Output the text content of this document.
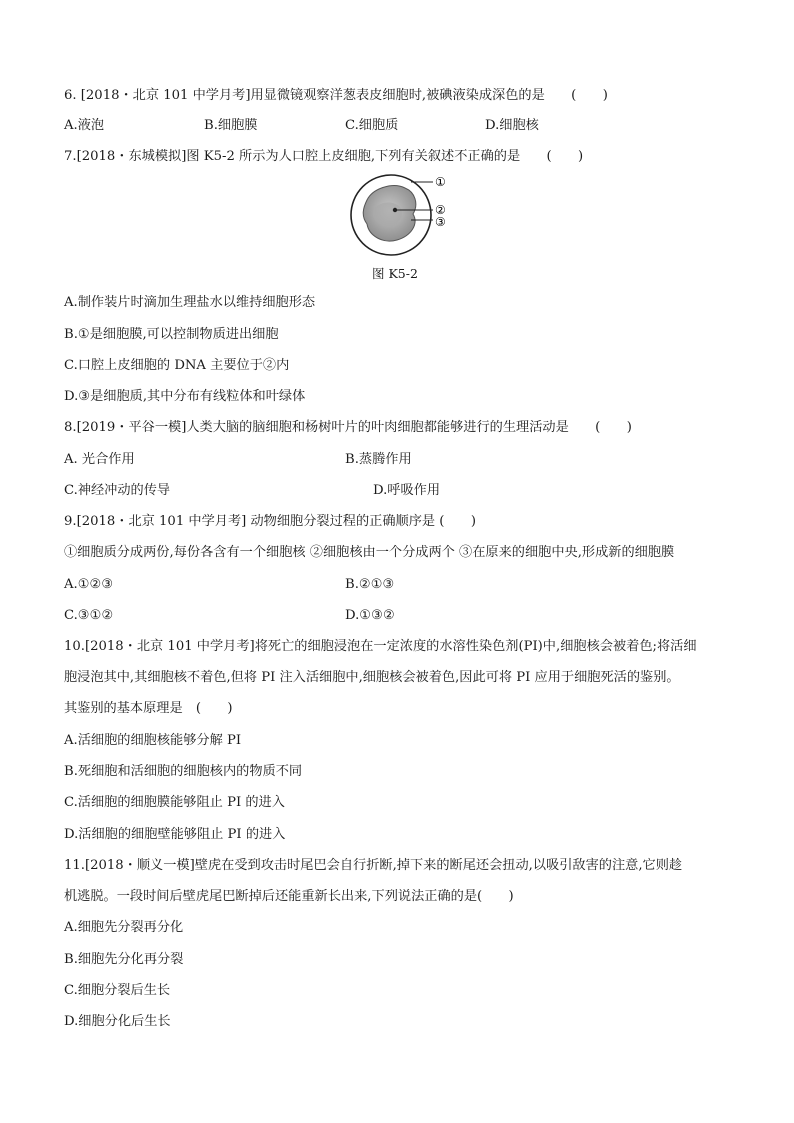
6. [2018・北京 101 中学月考]用显微镜观察洋葱表皮细胞时,被碘液染成深色的是　　(　　)
A.液泡	B.细胞膜	C.细胞质	D.细胞核
7.[2018・东城模拟]图 K5-2 所示为人口腔上皮细胞,下列有关叙述不正确的是　　(　　)
①
②
③
图 K5-2
A.制作装片时滴加生理盐水以维持细胞形态
B.①是细胞膜,可以控制物质进出细胞
C.口腔上皮细胞的 DNA 主要位于②内
D.③是细胞质,其中分布有线粒体和叶绿体
8.[2019・平谷一模]人类大脑的脑细胞和杨树叶片的叶肉细胞都能够进行的生理活动是　　(　　)
A. 光合作用	B.蒸腾作用
C.神经冲动的传导	D.呼吸作用
9.[2018・北京 101 中学月考] 动物细胞分裂过程的正确顺序是 (　　)
①细胞质分成两份,每份各含有一个细胞核 ②细胞核由一个分成两个 ③在原来的细胞中央,形成新的细胞膜
A.①②③	B.②①③
C.③①②	D.①③②
10.[2018・北京 101 中学月考]将死亡的细胞浸泡在一定浓度的水溶性染色剂(PI)中,细胞核会被着色;将活细
胞浸泡其中,其细胞核不着色,但将 PI 注入活细胞中,细胞核会被着色,因此可将 PI 应用于细胞死活的鉴别。
其鉴别的基本原理是　(　　)
A.活细胞的细胞核能够分解 PI
B.死细胞和活细胞的细胞核内的物质不同
C.活细胞的细胞膜能够阻止 PI 的进入
D.活细胞的细胞壁能够阻止 PI 的进入
11.[2018・顺义一模]壁虎在受到攻击时尾巴会自行折断,掉下来的断尾还会扭动,以吸引敌害的注意,它则趁
机逃脱。一段时间后壁虎尾巴断掉后还能重新长出来,下列说法正确的是(　　)
A.细胞先分裂再分化
B.细胞先分化再分裂
C.细胞分裂后生长
D.细胞分化后生长
